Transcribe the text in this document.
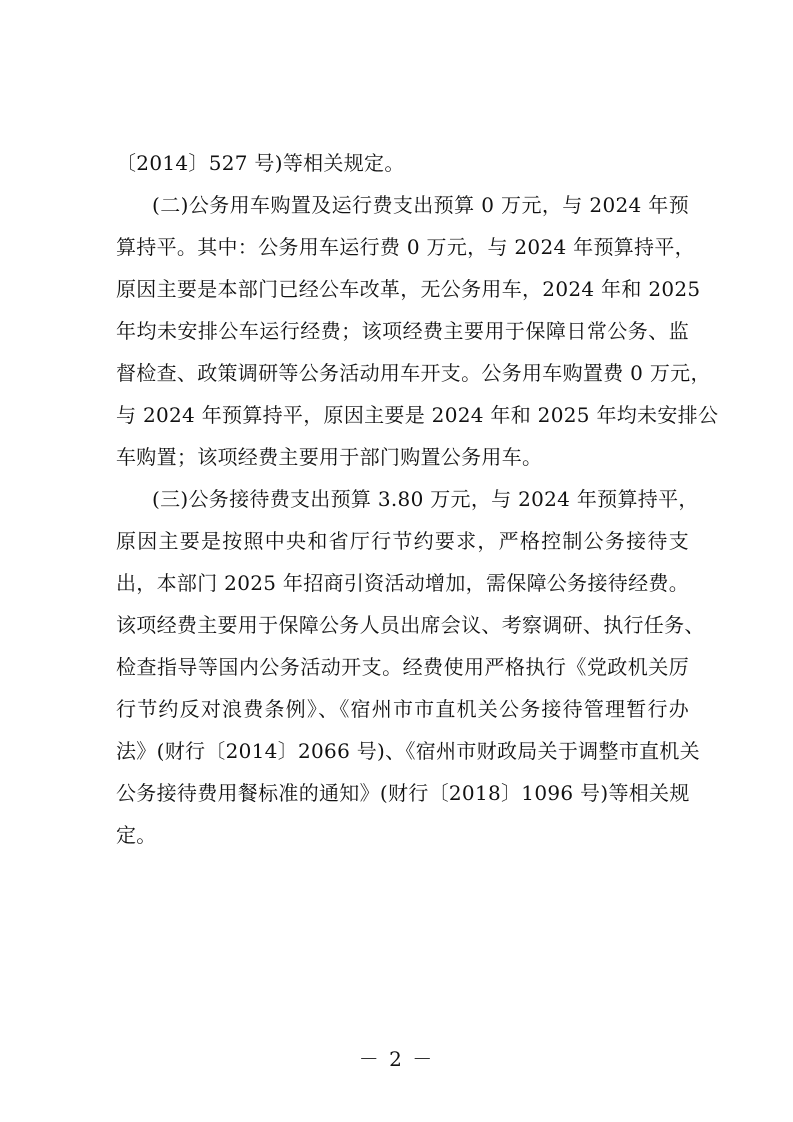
〔2014〕527 号)等相关规定。
(二)公务用车购置及运行费支出预算 0 万元，与 2024 年预
算持平。其中：公务用车运行费 0 万元，与 2024 年预算持平，
原因主要是本部门已经公车改革，无公务用车，2024 年和 2025
年均未安排公车运行经费；该项经费主要用于保障日常公务、监
督检查、政策调研等公务活动用车开支。公务用车购置费 0 万元，
与 2024 年预算持平，原因主要是 2024 年和 2025 年均未安排公
车购置；该项经费主要用于部门购置公务用车。
(三)公务接待费支出预算 3.80 万元，与 2024 年预算持平，
原因主要是按照中央和省厅行节约要求，严格控制公务接待支
出，本部门 2025 年招商引资活动增加，需保障公务接待经费。
该项经费主要用于保障公务人员出席会议、考察调研、执行任务、
检查指导等国内公务活动开支。经费使用严格执行《党政机关厉
行节约反对浪费条例》、《宿州市市直机关公务接待管理暂行办
法》(财行〔2014〕2066 号)、《宿州市财政局关于调整市直机关
公务接待费用餐标准的通知》(财行〔2018〕1096 号)等相关规
定。
－ 2 －
